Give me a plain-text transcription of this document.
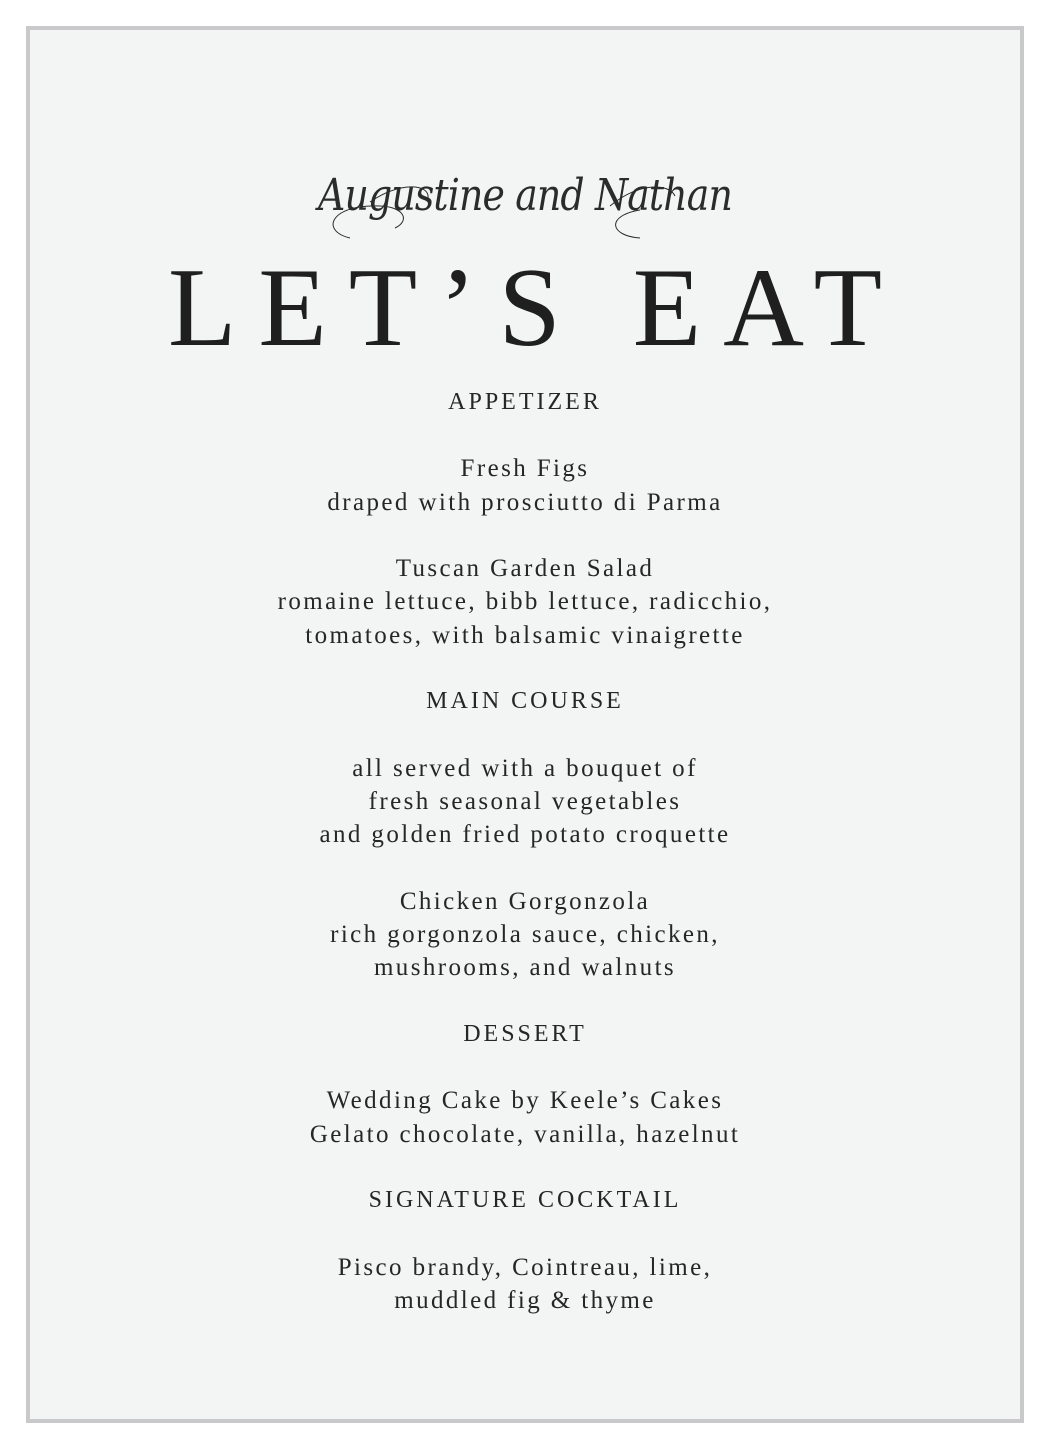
Augustine and Nathan
LET’S EAT
APPETIZER
Fresh Figs
draped with prosciutto di Parma
Tuscan Garden Salad
romaine lettuce, bibb lettuce, radicchio,
tomatoes, with balsamic vinaigrette
MAIN COURSE
all served with a bouquet of
fresh seasonal vegetables
and golden fried potato croquette
Chicken Gorgonzola
rich gorgonzola sauce, chicken,
mushrooms, and walnuts
DESSERT
Wedding Cake by Keele’s Cakes
Gelato chocolate, vanilla, hazelnut
SIGNATURE COCKTAIL
Pisco brandy, Cointreau, lime,
muddled fig & thyme
